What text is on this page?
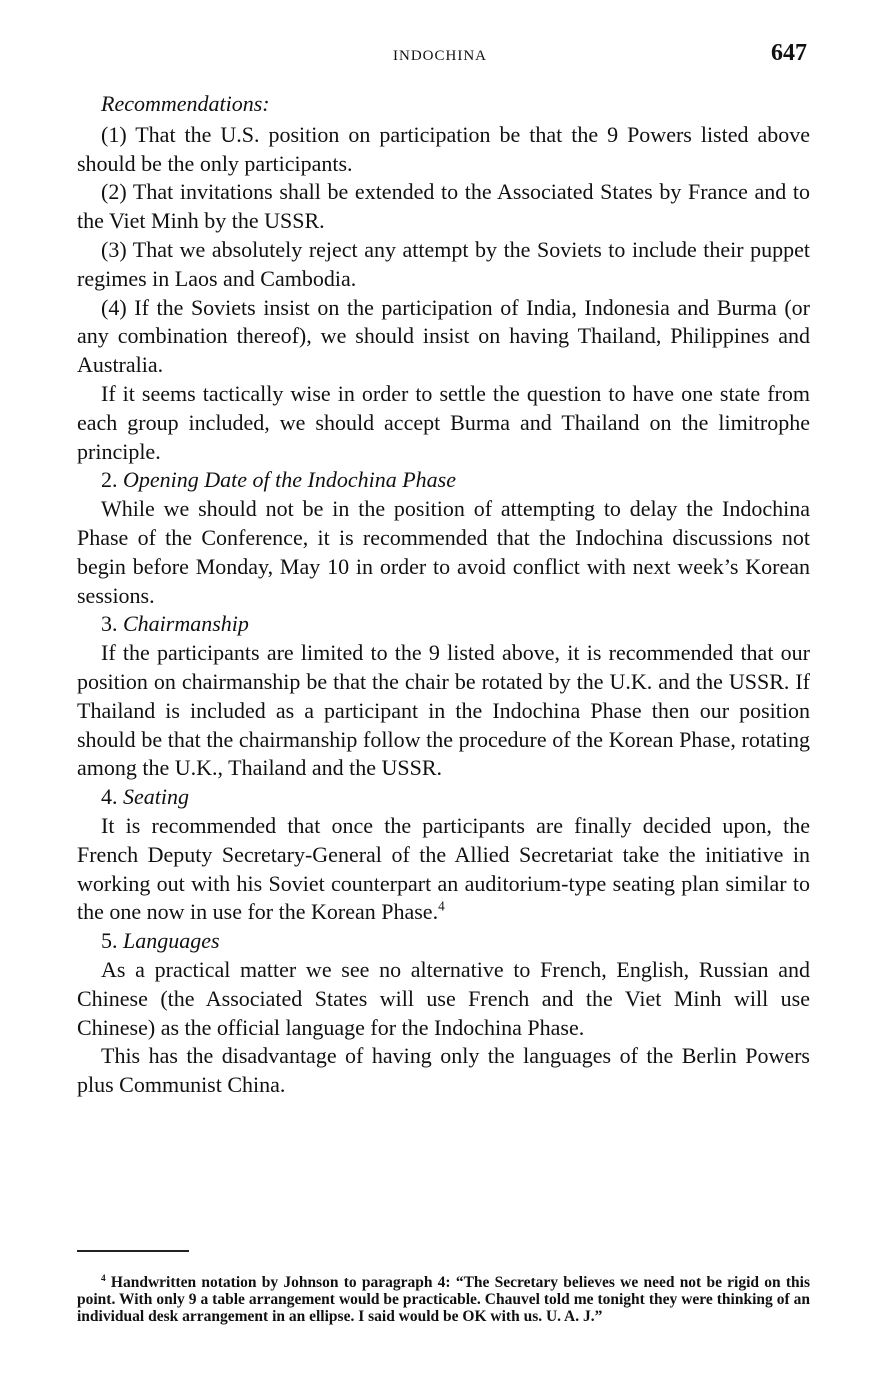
INDOCHINA	647

Recommendations:

(1) That the U.S. position on participation be that the 9 Powers listed above should be the only participants.

(2) That invitations shall be extended to the Associated States by France and to the Viet Minh by the USSR.

(3) That we absolutely reject any attempt by the Soviets to include their puppet regimes in Laos and Cambodia.

(4) If the Soviets insist on the participation of India, Indonesia and Burma (or any combination thereof), we should insist on having Thailand, Philippines and Australia.

If it seems tactically wise in order to settle the question to have one state from each group included, we should accept Burma and Thailand on the limitrophe principle.

2. Opening Date of the Indochina Phase

While we should not be in the position of attempting to delay the Indochina Phase of the Conference, it is recommended that the Indochina discussions not begin before Monday, May 10 in order to avoid conflict with next week’s Korean sessions.

3. Chairmanship

If the participants are limited to the 9 listed above, it is recommended that our position on chairmanship be that the chair be rotated by the U.K. and the USSR. If Thailand is included as a participant in the Indochina Phase then our position should be that the chairmanship follow the procedure of the Korean Phase, rotating among the U.K., Thailand and the USSR.

4. Seating

It is recommended that once the participants are finally decided upon, the French Deputy Secretary-General of the Allied Secretariat take the initiative in working out with his Soviet counterpart an auditorium-type seating plan similar to the one now in use for the Korean Phase.$^4$

5. Languages

As a practical matter we see no alternative to French, English, Russian and Chinese (the Associated States will use French and the Viet Minh will use Chinese) as the official language for the Indochina Phase.

This has the disadvantage of having only the languages of the Berlin Powers plus Communist China.

$^4$ Handwritten notation by Johnson to paragraph 4: “The Secretary believes we need not be rigid on this point. With only 9 a table arrangement would be practicable. Chauvel told me tonight they were thinking of an individual desk arrangement in an ellipse. I said would be OK with us. U. A. J.”
